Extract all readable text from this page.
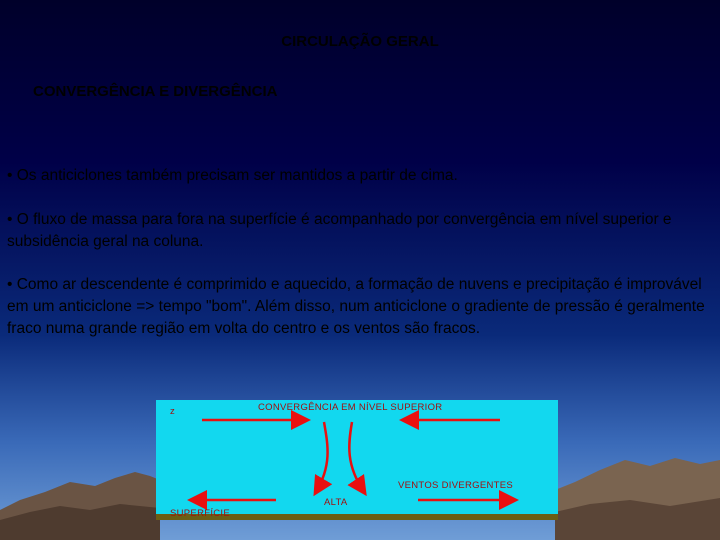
CIRCULAÇÃO GERAL
CONVERGÊNCIA E DIVERGÊNCIA

• Os anticiclones também precisam ser mantidos a partir de cima.

• O fluxo de massa para fora na superfície é acompanhado por convergência em nível superior e subsidência geral na coluna.

• Como ar descendente é comprimido e aquecido, a formação de nuvens e precipitação é improvável em um anticiclone => tempo "bom". Além disso, num anticiclone o gradiente de pressão é geralmente fraco numa grande região em volta do centro e os ventos são fracos.

z	CONVERGÊNCIA EM NÍVEL SUPERIOR
VENTOS DIVERGENTES
ALTA
SUPERFÍCIE
